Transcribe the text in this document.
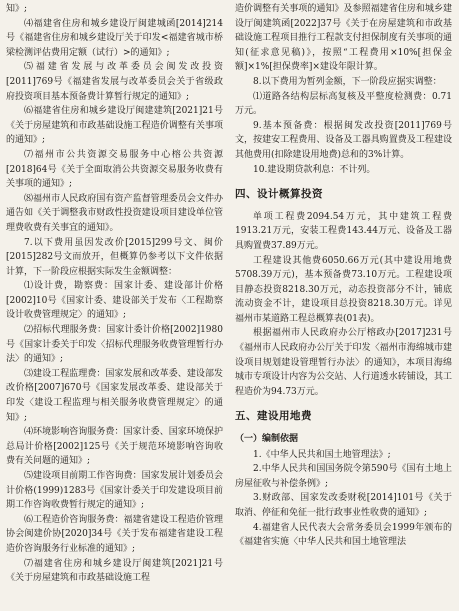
知》;

⑷福建省住房和城乡建设厅闽建城函[2014]214号《福建省住房和城乡建设厅关于印发<福建省城市桥梁检测评估费用定额（试行）>的通知》;

⑸福建省发展与改革委员会闽发改投资[2011]769号《福建省发展与改革委员会关于省级政府投资项目基本预备费计算暂行规定的通知》;

⑹福建省住房和城乡建设厅闽建建筑[2021]21号《关于房屋建筑和市政基础设施工程造价调整有关事项的通知》;

⑺福州市公共资源交易服务中心榕公共资源[2018]64号《关于全面取消公共资源交易服务收费有关事项的通知》;

⑻福州市人民政府国有资产监督管理委员会文件办通告如《关于调整我市财政性投资建设项目建设单位管理费收费有关事宜的通知》。

7.以下费用虽因发改价[2015]299号文、闽价[2015]282号文而放开，但概算仍参考以下文件依据计算，下一阶段应根据实际发生金额调整：

⑴设计费，勘察费：国家计委、建设部计价格[2002]10号《国家计委、建设部关于发布〈工程勘察设计收费管理规定〉的通知》;

⑵招标代理服务费：国家计委计价格[2002]1980号《国家计委关于印发〈招标代理服务收费管理暂行办法〉的通知》;

⑶建设工程监理费：国家发展和改革委、建设部发改价格[2007]670号《国家发展改革委、建设部关于印发〈建设工程监理与相关服务收费管理规定〉的通知》;

⑷环境影响咨询服务费：国家计委、国家环境保护总局计价格[2002]125号《关于规范环境影响咨询收费有关问题的通知》;

⑸建设项目前期工作咨询费：国家发展计划委员会计价格(1999)1283号《国家计委关于印发建设项目前期工作咨询收费暂行规定的通知》;

⑹工程造价咨询服务费：福建省建设工程造价管理协会闽建价协[2020]34号《关于发布福建省建设工程造价咨询服务行业标准的通知》;

⑺福建省住房和城乡建设厅闽建筑[2021]21号《关于房屋建筑和市政基础设施工程

造价调整有关事项的通知》及参照福建省住房和城乡建设厅闽建筑函[2022]37号《关于在房屋建筑和市政基础设施工程项目推行工程款支付担保制度有关事项的通知(征求意见稿)》，按照“工程费用×10%[担保金额]×1%[担保费率]×建设年限计算。

8.以下费用为暂列金额，下一阶段应据实调整：

⑴道路各结构层标高复核及平整度检测费：0.71万元。

9.基本预备费：根据闽发改投资[2011]769号文，按建安工程费用、设备及工器具购置费及工程建设其他费用(扣除建设用地费)总和的3%计算。

10.建设期贷款利息：不计列。

四、设计概算投资

单项工程费2094.54万元，其中建筑工程费1913.21万元，安装工程费143.44万元、设备及工器具购置费37.89万元。

工程建设其他费6050.66万元(其中建设用地费5708.39万元)，基本预备费73.10万元。工程建设项目静态投资8218.30万元，动态投资部分不计，铺底流动资金不计，建设项目总投资8218.30万元。详见福州市某道路工程总概算表(01表)。

根据福州市人民政府办公厅榕政办[2017]231号《福州市人民政府办公厅关于印发〈福州市海绵城市建设项目规划建设管理暂行办法〉的通知》，本项目海绵城市专项设计内容为公交站、人行道透水砖铺设，其工程造价为94.73万元。

五、建设用地费

（一）编制依据

1.《中华人民共和国土地管理法》;

2.中华人民共和国国务院令第590号《国有土地上房屋征收与补偿条例》;

3.财政部、国家发改委财税[2014]101号《关于取消、停征和免征一批行政事业性收费的通知》;

4.福建省人民代表大会常务委员会1999年颁布的《福建省实施〈中华人民共和国土地管理法
